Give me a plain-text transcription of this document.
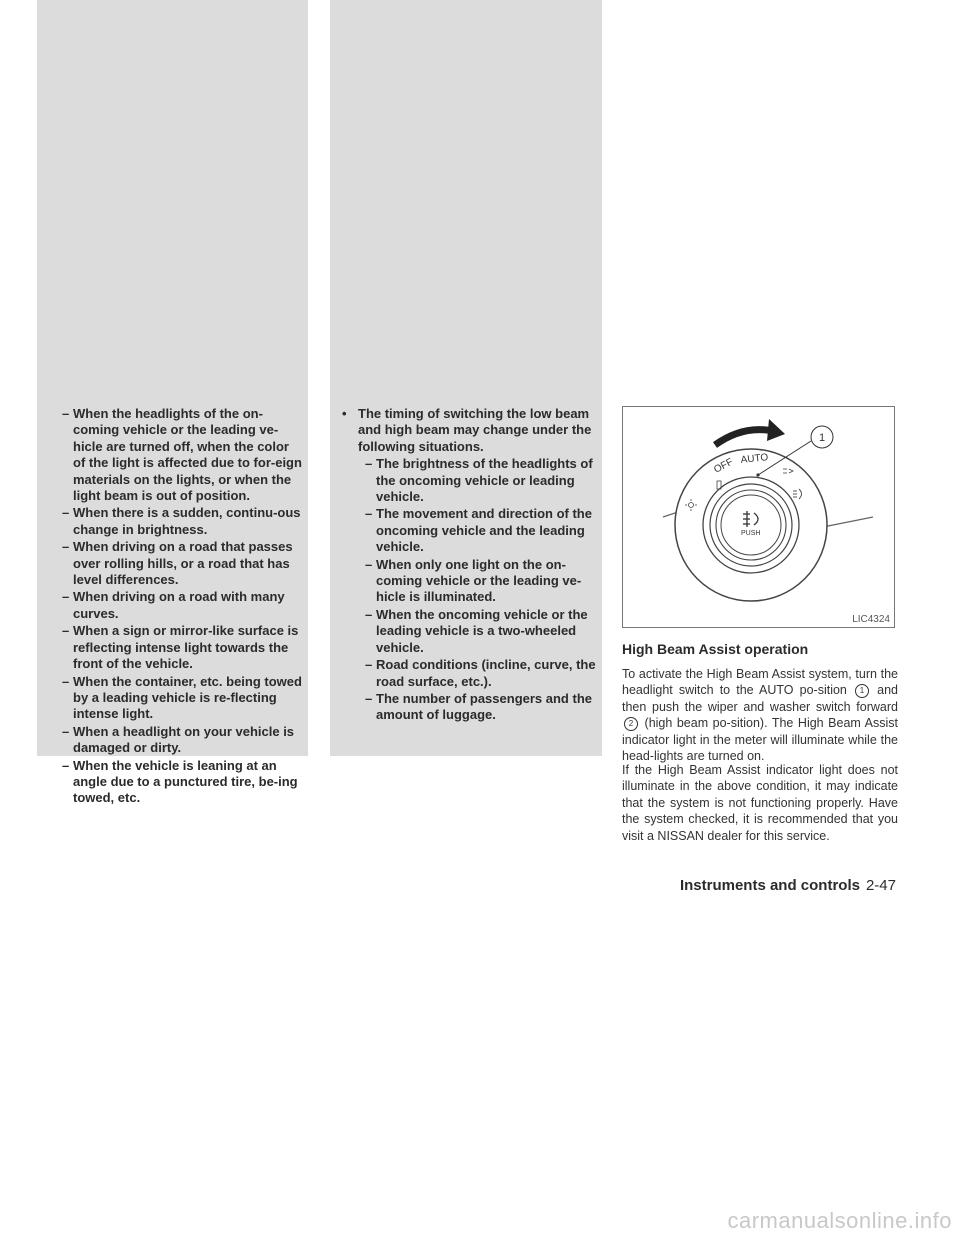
– When the headlights of the on-coming vehicle or the leading ve-hicle are turned off, when the color of the light is affected due to for-eign materials on the lights, or when the light beam is out of position.
– When there is a sudden, continu-ous change in brightness.
– When driving on a road that passes over rolling hills, or a road that has level differences.
– When driving on a road with many curves.
– When a sign or mirror-like surface is reflecting intense light towards the front of the vehicle.
– When the container, etc. being towed by a leading vehicle is re-flecting intense light.
– When a headlight on your vehicle is damaged or dirty.
– When the vehicle is leaning at an angle due to a punctured tire, be-ing towed, etc.
• The timing of switching the low beam and high beam may change under the following situations.
– The brightness of the headlights of the oncoming vehicle or leading vehicle.
– The movement and direction of the oncoming vehicle and the leading vehicle.
– When only one light on the on-coming vehicle or the leading ve-hicle is illuminated.
– When the oncoming vehicle or the leading vehicle is a two-wheeled vehicle.
– Road conditions (incline, curve, the road surface, etc.).
– The number of passengers and the amount of luggage.
1
OFF AUTO
PUSH
LIC4324
High Beam Assist operation
To activate the High Beam Assist system, turn the headlight switch to the AUTO po-sition 1 and then push the wiper and washer switch forward 2 (high beam po-sition). The High Beam Assist indicator light in the meter will illuminate while the head-lights are turned on.
If the High Beam Assist indicator light does not illuminate in the above condition, it may indicate that the system is not functioning properly. Have the system checked, it is recommended that you visit a NISSAN dealer for this service.
Instruments and controls 2-47
carmanualsonline.info
